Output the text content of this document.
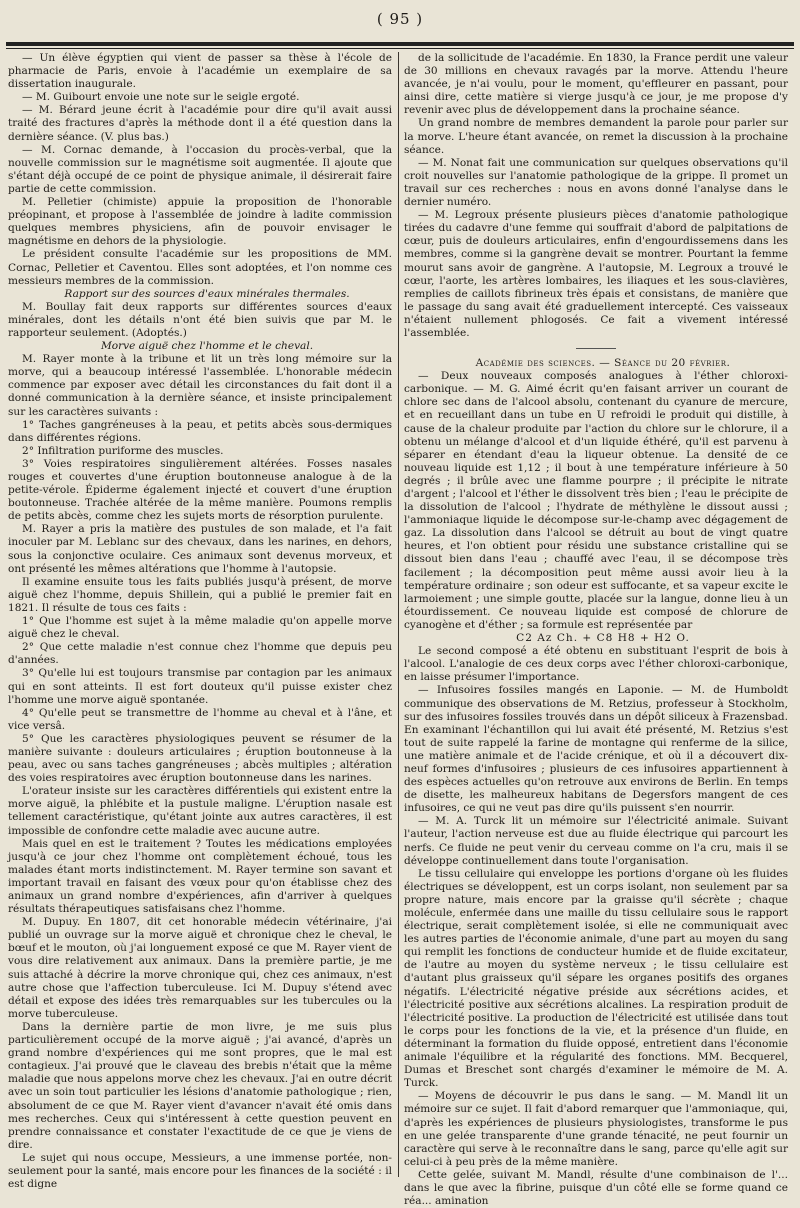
( 95 )

— Un élève égyptien qui vient de passer sa thèse à l'école de pharmacie de Paris, envoie à l'académie un exemplaire de sa dissertation inaugurale.

— M. Guibourt envoie une note sur le seigle ergoté.

— M. Bérard jeune écrit à l'académie pour dire qu'il avait aussi traité des fractures d'après la méthode dont il a été question dans la dernière séance. (V. plus bas.)

— M. Cornac demande, à l'occasion du procès-verbal, que la nouvelle commission sur le magnétisme soit augmentée. Il ajoute que s'étant déjà occupé de ce point de physique animale, il désirerait faire partie de cette commission.

M. Pelletier (chimiste) appuie la proposition de l'honorable préopinant, et propose à l'assemblée de joindre à ladite commission quelques membres physiciens, afin de pouvoir envisager le magnétisme en dehors de la physiologie.

Le président consulte l'académie sur les propositions de MM. Cornac, Pelletier et Caventou. Elles sont adoptées, et l'on nomme ces messieurs membres de la commission.

Rapport sur des sources d'eaux minérales thermales.

M. Boullay fait deux rapports sur différentes sources d'eaux minérales, dont les détails n'ont été bien suivis que par M. le rapporteur seulement. (Adoptés.)

Morve aiguë chez l'homme et le cheval.

M. Rayer monte à la tribune et lit un très long mémoire sur la morve, qui a beaucoup intéressé l'assemblée. L'honorable médecin commence par exposer avec détail les circonstances du fait dont il a donné communication à la dernière séance, et insiste principalement sur les caractères suivants :

1° Taches gangréneuses à la peau, et petits abcès sous-dermiques dans différentes régions.

2° Infiltration puriforme des muscles.

3° Voies respiratoires singulièrement altérées. Fosses nasales rouges et couvertes d'une éruption boutonneuse analogue à de la petite-vérole. Épiderme également injecté et couvert d'une éruption boutonneuse. Trachée altérée de la même manière. Poumons remplis de petits abcès, comme chez les sujets morts de résorption purulente.

M. Rayer a pris la matière des pustules de son malade, et l'a fait inoculer par M. Leblanc sur des chevaux, dans les narines, en dehors, sous la conjonctive oculaire. Ces animaux sont devenus morveux, et ont présenté les mêmes altérations que l'homme à l'autopsie.

Il examine ensuite tous les faits publiés jusqu'à présent, de morve aiguë chez l'homme, depuis Shillein, qui a publié le premier fait en 1821. Il résulte de tous ces faits :

1° Que l'homme est sujet à la même maladie qu'on appelle morve aiguë chez le cheval.

2° Que cette maladie n'est connue chez l'homme que depuis peu d'années.

3° Qu'elle lui est toujours transmise par contagion par les animaux qui en sont atteints. Il est fort douteux qu'il puisse exister chez l'homme une morve aiguë spontanée.

4° Qu'elle peut se transmettre de l'homme au cheval et à l'âne, et vice versâ.

5° Que les caractères physiologiques peuvent se résumer de la manière suivante : douleurs articulaires ; éruption boutonneuse à la peau, avec ou sans taches gangréneuses ; abcès multiples ; altération des voies respiratoires avec éruption boutonneuse dans les narines.

L'orateur insiste sur les caractères différentiels qui existent entre la morve aiguë, la phlébite et la pustule maligne. L'éruption nasale est tellement caractéristique, qu'étant jointe aux autres caractères, il est impossible de confondre cette maladie avec aucune autre.

Mais quel en est le traitement ? Toutes les médications employées jusqu'à ce jour chez l'homme ont complètement échoué, tous les malades étant morts indistinctement. M. Rayer termine son savant et important travail en faisant des vœux pour qu'on établisse chez des animaux un grand nombre d'expériences, afin d'arriver à quelques résultats thérapeutiques satisfaisans chez l'homme.

M. Dupuy. En 1807, dit cet honorable médecin vétérinaire, j'ai publié un ouvrage sur la morve aiguë et chronique chez le cheval, le bœuf et le mouton, où j'ai longuement exposé ce que M. Rayer vient de vous dire relativement aux animaux. Dans la première partie, je me suis attaché à décrire la morve chronique qui, chez ces animaux, n'est autre chose que l'affection tuberculeuse. Ici M. Dupuy s'étend avec détail et expose des idées très remarquables sur les tubercules ou la morve tuberculeuse.

Dans la dernière partie de mon livre, je me suis plus particulièrement occupé de la morve aiguë ; j'ai avancé, d'après un grand nombre d'expériences qui me sont propres, que le mal est contagieux. J'ai prouvé que le claveau des brebis n'était que la même maladie que nous appelons morve chez les chevaux. J'ai en outre décrit avec un soin tout particulier les lésions d'anatomie pathologique ; rien, absolument de ce que M. Rayer vient d'avancer n'avait été omis dans mes recherches. Ceux qui s'intéressent à cette question peuvent en prendre connaissance et constater l'exactitude de ce que je viens de dire.

Le sujet qui nous occupe, Messieurs, a une immense portée, non-seulement pour la santé, mais encore pour les finances de la société : il est digne

de la sollicitude de l'académie. En 1830, la France perdit une valeur de 30 millions en chevaux ravagés par la morve. Attendu l'heure avancée, je n'ai voulu, pour le moment, qu'effleurer en passant, pour ainsi dire, cette matière si vierge jusqu'à ce jour, je me propose d'y revenir avec plus de développement dans la prochaine séance.

Un grand nombre de membres demandent la parole pour parler sur la morve. L'heure étant avancée, on remet la discussion à la prochaine séance.

— M. Nonat fait une communication sur quelques observations qu'il croit nouvelles sur l'anatomie pathologique de la grippe. Il promet un travail sur ces recherches : nous en avons donné l'analyse dans le dernier numéro.

— M. Legroux présente plusieurs pièces d'anatomie pathologique tirées du cadavre d'une femme qui souffrait d'abord de palpitations de cœur, puis de douleurs articulaires, enfin d'engourdissemens dans les membres, comme si la gangrène devait se montrer. Pourtant la femme mourut sans avoir de gangrène. A l'autopsie, M. Legroux a trouvé le cœur, l'aorte, les artères lombaires, les iliaques et les sous-clavières, remplies de caillots fibrineux très épais et consistans, de manière que le passage du sang avait été graduellement intercepté. Ces vaisseaux n'étaient nullement phlogosés. Ce fait a vivement intéressé l'assemblée.

Académie des sciences. — Séance du 20 février.

— Deux nouveaux composés analogues à l'éther chloroxi-carbonique. — M. G. Aimé écrit qu'en faisant arriver un courant de chlore sec dans de l'alcool absolu, contenant du cyanure de mercure, et en recueillant dans un tube en U refroidi le produit qui distille, à cause de la chaleur produite par l'action du chlore sur le chlorure, il a obtenu un mélange d'alcool et d'un liquide éthéré, qu'il est parvenu à séparer en étendant d'eau la liqueur obtenue. La densité de ce nouveau liquide est 1,12 ; il bout à une température inférieure à 50 degrés ; il brûle avec une flamme pourpre ; il précipite le nitrate d'argent ; l'alcool et l'éther le dissolvent très bien ; l'eau le précipite de la dissolution de l'alcool ; l'hydrate de méthylène le dissout aussi ; l'ammoniaque liquide le décompose sur-le-champ avec dégagement de gaz. La dissolution dans l'alcool se détruit au bout de vingt quatre heures, et l'on obtient pour résidu une substance cristalline qui se dissout bien dans l'eau ; chauffé avec l'eau, il se décompose très facilement ; la décomposition peut même aussi avoir lieu à la température ordinaire ; son odeur est suffocante, et sa vapeur excite le larmoiement ; une simple goutte, placée sur la langue, donne lieu à un étourdissement. Ce nouveau liquide est composé de chlorure de cyanogène et d'éther ; sa formule est représentée par

C2 Az Ch. + C8 H8 + H2 O.

Le second composé a été obtenu en substituant l'esprit de bois à l'alcool. L'analogie de ces deux corps avec l'éther chloroxi-carbonique, en laisse présumer l'importance.

— Infusoires fossiles mangés en Laponie. — M. de Humboldt communique des observations de M. Retzius, professeur à Stockholm, sur des infusoires fossiles trouvés dans un dépôt siliceux à Frazensbad. En examinant l'échantillon qui lui avait été présenté, M. Retzius s'est tout de suite rappelé la farine de montagne qui renferme de la silice, une matière animale et de l'acide crénique, et où il a découvert dix-neuf formes d'infusoires ; plusieurs de ces infusoires appartiennent à des espèces actuelles qu'on retrouve aux environs de Berlin. En temps de disette, les malheureux habitans de Degersfors mangent de ces infusoires, ce qui ne veut pas dire qu'ils puissent s'en nourrir.

— M. A. Turck lit un mémoire sur l'électricité animale. Suivant l'auteur, l'action nerveuse est due au fluide électrique qui parcourt les nerfs. Ce fluide ne peut venir du cerveau comme on l'a cru, mais il se développe continuellement dans toute l'organisation.

Le tissu cellulaire qui enveloppe les portions d'organe où les fluides électriques se développent, est un corps isolant, non seulement par sa propre nature, mais encore par la graisse qu'il sécrète ; chaque molécule, enfermée dans une maille du tissu cellulaire sous le rapport électrique, serait complètement isolée, si elle ne communiquait avec les autres parties de l'économie animale, d'une part au moyen du sang qui remplit les fonctions de conducteur humide et de fluide excitateur, de l'autre au moyen du système nerveux ; le tissu cellulaire est d'autant plus graisseux qu'il sépare les organes positifs des organes négatifs. L'électricité négative préside aux sécrétions acides, et l'électricité positive aux sécrétions alcalines. La respiration produit de l'électricité positive. La production de l'électricité est utilisée dans tout le corps pour les fonctions de la vie, et la présence d'un fluide, en déterminant la formation du fluide opposé, entretient dans l'économie animale l'équilibre et la régularité des fonctions. MM. Becquerel, Dumas et Breschet sont chargés d'examiner le mémoire de M. A. Turck.

— Moyens de découvrir le pus dans le sang. — M. Mandl lit un mémoire sur ce sujet. Il fait d'abord remarquer que l'ammoniaque, qui, d'après les expériences de plusieurs physiologistes, transforme le pus en une gelée transparente d'une grande ténacité, ne peut fournir un caractère qui serve à le reconnaître dans le sang, parce qu'elle agit sur celui-ci à peu près de la même manière.

Cette gelée, suivant M. Mandl, résulte d'une combinaison de l'... dans le que avec la fibrine, puisque d'un côté elle se forme quand ce réa... amination
